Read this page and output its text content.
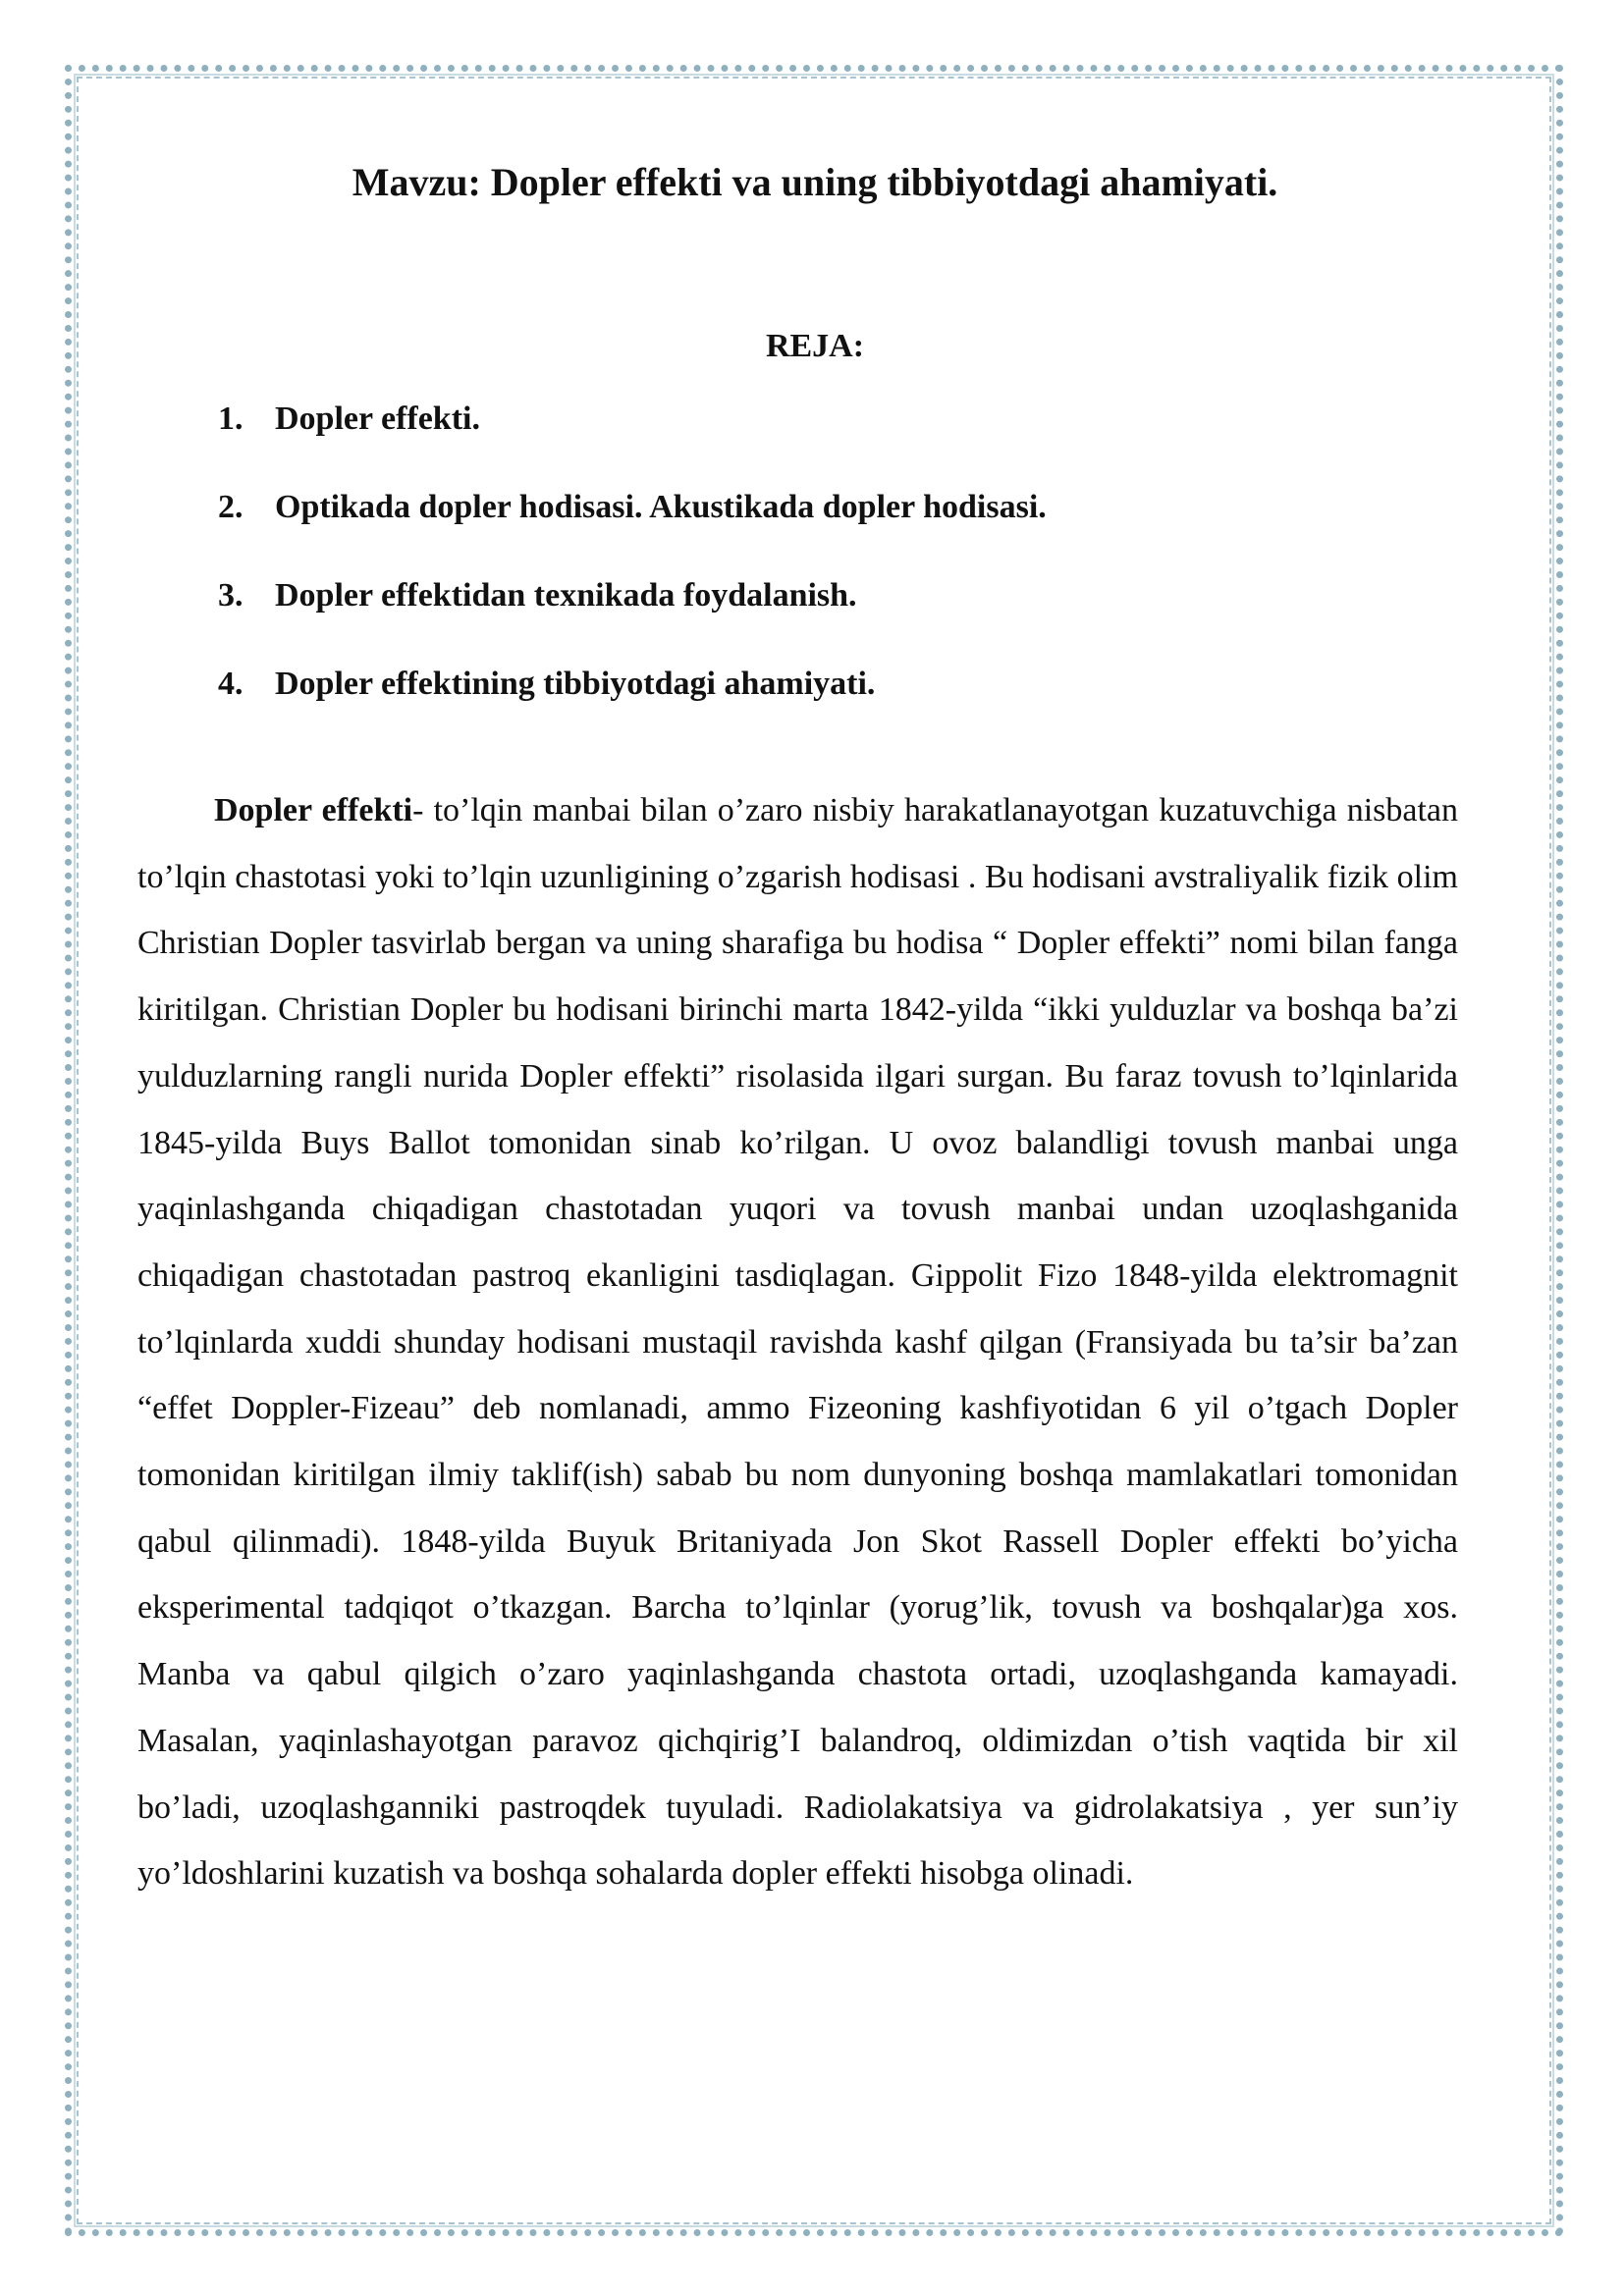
Mavzu: Dopler effekti va uning tibbiyotdagi ahamiyati.
REJA:
1. Dopler effekti.
2. Optikada dopler hodisasi. Akustikada dopler hodisasi.
3. Dopler effektidan texnikada foydalanish.
4. Dopler effektining tibbiyotdagi ahamiyati.

Dopler effekti- to’lqin manbai bilan o’zaro nisbiy harakatlanayotgan kuzatuvchiga nisbatan to’lqin chastotasi yoki to’lqin uzunligining o’zgarish hodisasi . Bu hodisani avstraliyalik fizik olim Christian Dopler tasvirlab bergan va uning sharafiga bu hodisa “ Dopler effekti” nomi bilan fanga kiritilgan. Christian Dopler bu hodisani birinchi marta 1842-yilda “ikki yulduzlar va boshqa ba’zi yulduzlarning rangli nurida Dopler effekti” risolasida ilgari surgan. Bu faraz tovush to’lqinlarida 1845-yilda Buys Ballot tomonidan sinab ko’rilgan. U ovoz balandligi tovush manbai unga yaqinlashganda chiqadigan chastotadan yuqori va tovush manbai undan uzoqlashganida chiqadigan chastotadan pastroq ekanligini tasdiqlagan. Gippolit Fizo 1848-yilda elektromagnit to’lqinlarda xuddi shunday hodisani mustaqil ravishda kashf qilgan (Fransiyada bu ta’sir ba’zan “effet Doppler-Fizeau” deb nomlanadi, ammo Fizeoning kashfiyotidan 6 yil o’tgach Dopler tomonidan kiritilgan ilmiy taklif(ish) sabab bu nom dunyoning boshqa mamlakatlari tomonidan qabul qilinmadi). 1848-yilda Buyuk Britaniyada Jon Skot Rassell Dopler effekti bo’yicha eksperimental tadqiqot o’tkazgan. Barcha to’lqinlar (yorug’lik, tovush va boshqalar)ga xos. Manba va qabul qilgich o’zaro yaqinlashganda chastota ortadi, uzoqlashganda kamayadi. Masalan, yaqinlashayotgan paravoz qichqirig’I balandroq, oldimizdan o’tish vaqtida bir xil bo’ladi, uzoqlashganniki pastroqdek tuyuladi. Radiolakatsiya va gidrolakatsiya , yer sun’iy yo’ldoshlarini kuzatish va boshqa sohalarda dopler effekti hisobga olinadi.
